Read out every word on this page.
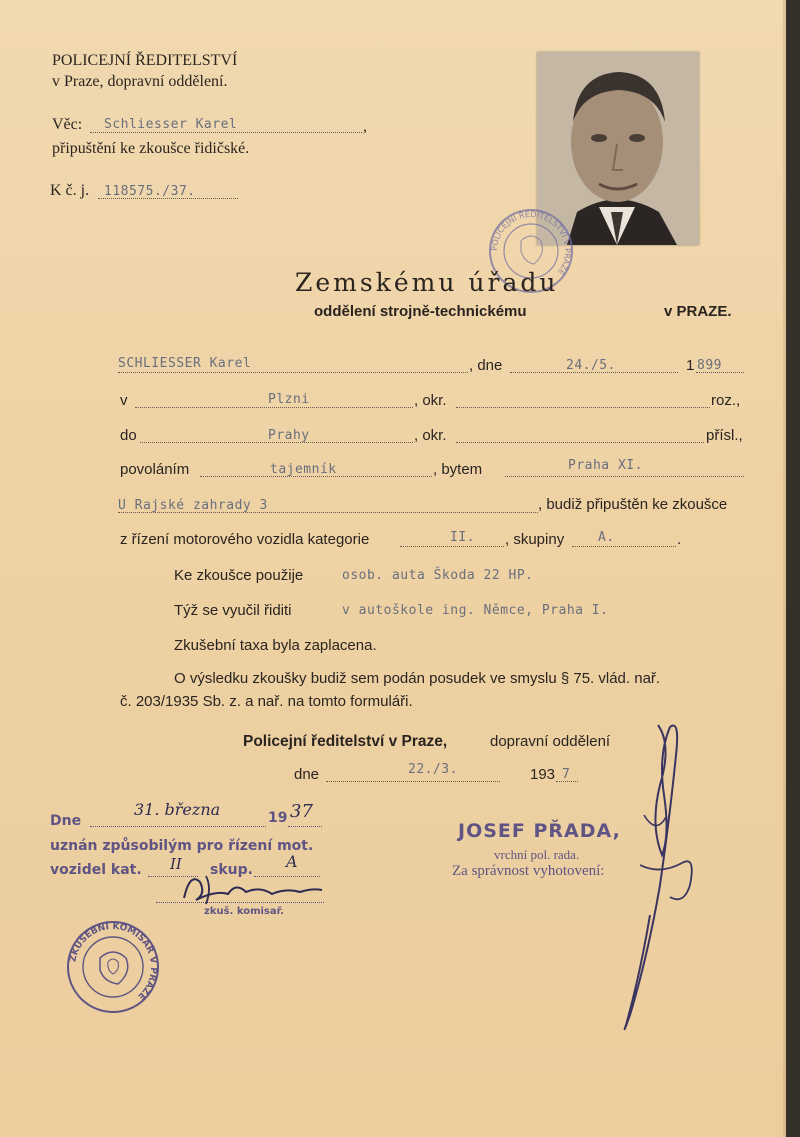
POLICEJNÍ ŘEDITELSTVÍ
v Praze, dopravní oddělení.
Věc: Schliesser Karel	,
připuštění ke zkoušce řidičské.
K č. j. 118575./37.
POLICEJNÍ ŘEDITELSTVÍ V PRAZE
Zemskému úřadu
oddělení strojně-technickému	v PRAZE.
SCHLIESSER Karel	, dne	24./5.	1 899
v	Plzni	, okr.	roz.,
do	Prahy	, okr.	přísl.,
povoláním	tajemník	, bytem	Praha XI.
U Rajské zahrady 3	, budiž připuštěn ke zkoušce
z řízení motorového vozidla kategorie	II. , skupiny	A.	.
Ke zkoušce použije	osob. auta Škoda 22 HP.
Týž se vyučil řiditi	v autoškole ing. Němce, Praha I.
Zkušební taxa byla zaplacena.
O výsledku zkoušky budiž sem podán posudek ve smyslu § 75. vlád. nař.
č. 203/1935 Sb. z. a nař. na tomto formuláři.
Policejní ředitelství v Praze,	dopravní oddělení
dne	22./3.	193 7
JOSEF PŘADA,
vrchní pol. rada.
Za správnost vyhotovení:
Dne
31. března	19 37
uznán způsobilým pro řízení mot.
vozidel kat. II skup. A
zkuš. komisař.
ZKUŠEBNÍ KOMISAŘ V PRAZE
